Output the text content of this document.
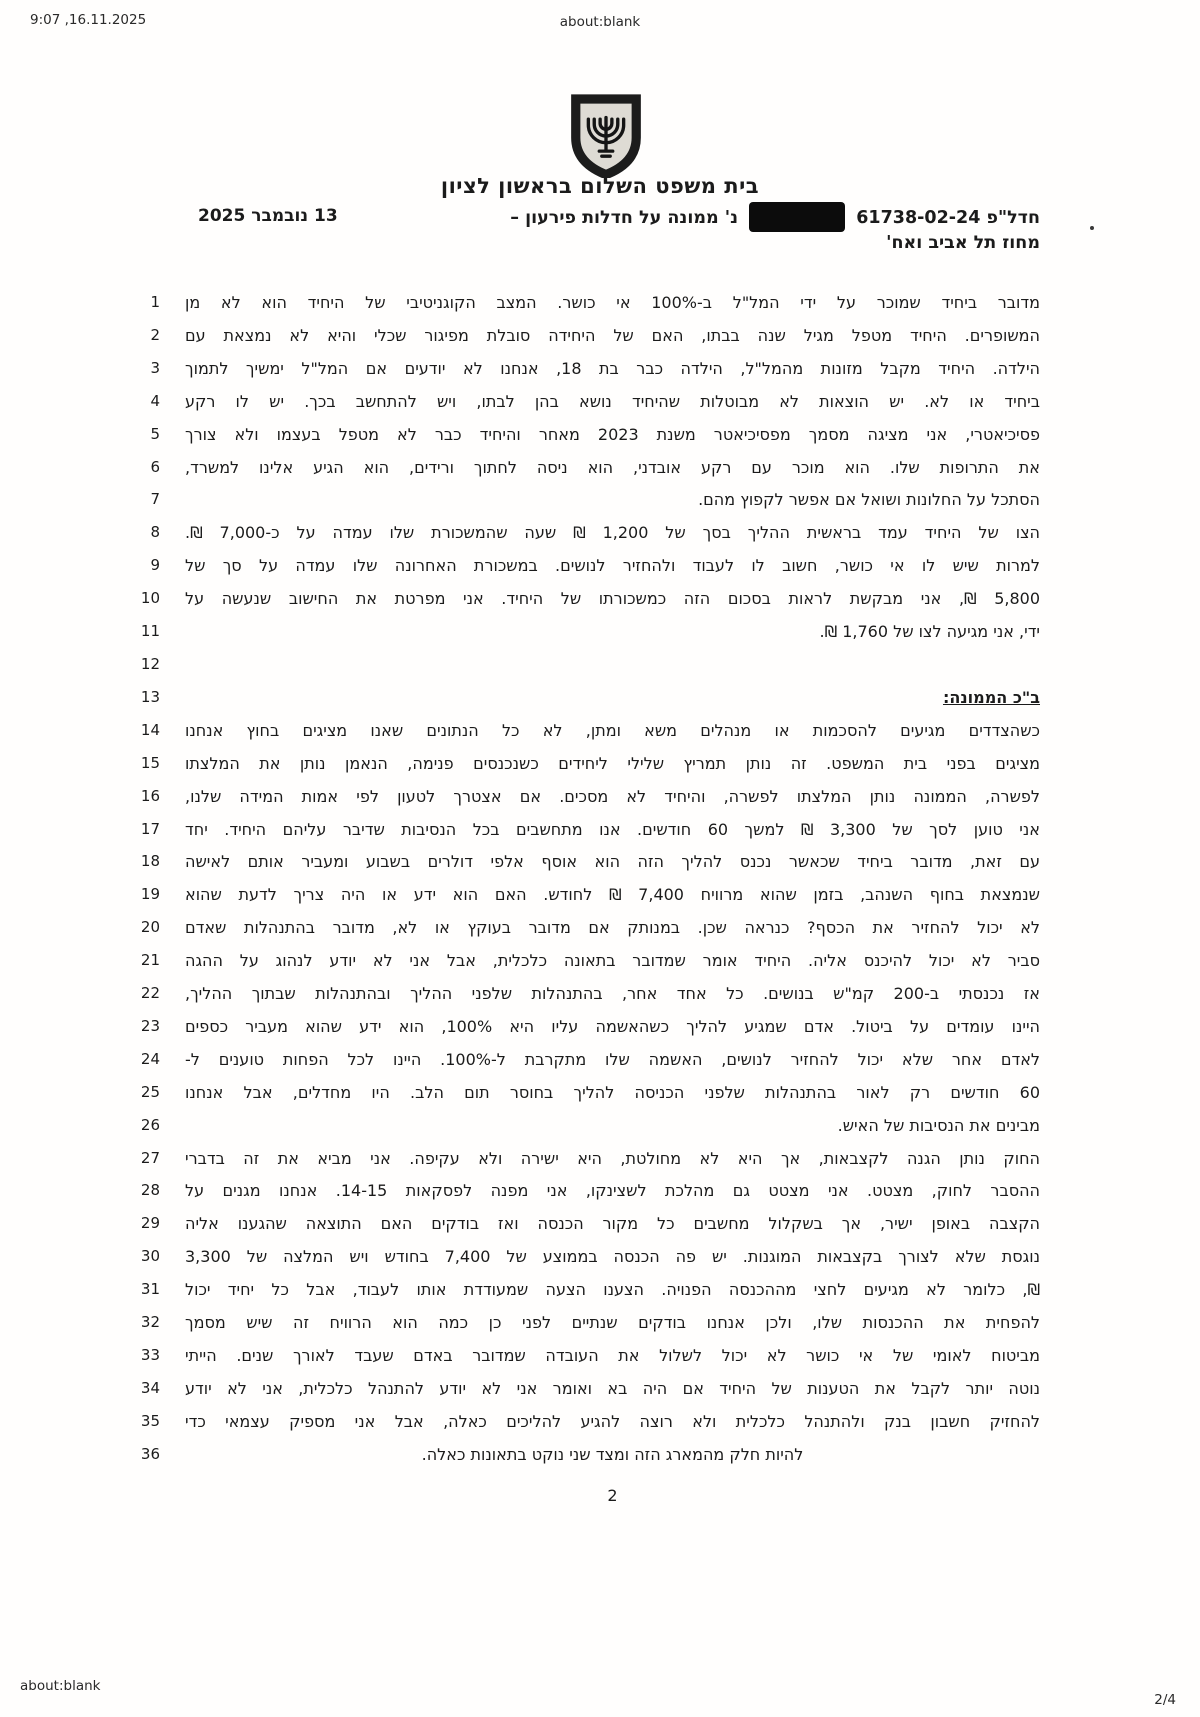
9:07 ,16.11.2025	about:blank
בית משפט השלום בראשון לציון
חדל"פ 61738-02-24  נ' ממונה על חדלות פירעון –
מחוז תל אביב ואח'
13 נובמבר 2025
1 מדובר ביחיד שמוכר על ידי המל"ל ב-100% אי כושר. המצב הקוגניטיבי של היחיד הוא לא מן
2 המשופרים. היחיד מטפל מגיל שנה בבתו, האם של היחידה סובלת מפיגור שכלי והיא לא נמצאת עם
3 הילדה. היחיד מקבל מזונות מהמל"ל, הילדה כבר בת 18, אנחנו לא יודעים אם המל"ל ימשיך לתמוך
4 ביחיד או לא. יש הוצאות לא מבוטלות שהיחיד נושא בהן לבתו, ויש להתחשב בכך. יש לו רקע
5 פסיכיאטרי, אני מציגה מסמך מפסיכיאטר משנת 2023 מאחר והיחיד כבר לא מטפל בעצמו ולא צורך
6 את התרופות שלו. הוא מוכר עם רקע אובדני, הוא ניסה לחתוך ורידים, הוא הגיע אלינו למשרד,
7	הסתכל על החלונות ושואל אם אפשר לקפוץ מהם.
8 הצו של היחיד עמד בראשית ההליך בסך של 1,200 ₪ שעה שהמשכורת שלו עמדה על כ-7,000 ₪.
9 למרות שיש לו אי כושר, חשוב לו לעבוד ולהחזיר לנושים. במשכורת האחרונה שלו עמדה על סך של
10 5,800 ₪, אני מבקשת לראות בסכום הזה כמשכורתו של היחיד. אני מפרטת את החישוב שנעשה על
11	ידי, אני מגיעה לצו של 1,760 ₪.
12
13	ב"כ הממונה:
14 כשהצדדים מגיעים להסכמות או מנהלים משא ומתן, לא כל הנתונים שאנו מציגים בחוץ אנחנו
15 מציגים בפני בית המשפט. זה נותן תמריץ שלילי ליחידים כשנכנסים פנימה, הנאמן נותן את המלצתו
16 לפשרה, הממונה נותן המלצתו לפשרה, והיחיד לא מסכים. אם אצטרך לטעון לפי אמות המידה שלנו,
17 אני טוען לסך של 3,300 ₪ למשך 60 חודשים. אנו מתחשבים בכל הנסיבות שדיבר עליהם היחיד. יחד
18 עם זאת, מדובר ביחיד שכאשר נכנס להליך הזה הוא אוסף אלפי דולרים בשבוע ומעביר אותם לאישה
19 שנמצאת בחוף השנהב, בזמן שהוא מרוויח 7,400 ₪ לחודש. האם הוא ידע או היה צריך לדעת שהוא
20 לא יכול להחזיר את הכסף? כנראה שכן. במנותק אם מדובר בעוקץ או לא, מדובר בהתנהלות שאדם
21 סביר לא יכול להיכנס אליה. היחיד אומר שמדובר בתאונה כלכלית, אבל אני לא יודע לנהוג על ההגה
22 אז נכנסתי ב-200 קמ"ש בנושים. כל אחד אחר, בהתנהלות שלפני ההליך ובהתנהלות שבתוך ההליך,
23 היינו עומדים על ביטול. אדם שמגיע להליך כשהאשמה עליו היא 100%, הוא ידע שהוא מעביר כספים
24 לאדם אחר שלא יכול להחזיר לנושים, האשמה שלו מתקרבת ל-100%. היינו לכל הפחות טוענים ל-
25 60 חודשים רק לאור בהתנהלות שלפני הכניסה להליך בחוסר תום הלב. היו מחדלים, אבל אנחנו
26	מבינים את הנסיבות של האיש.
27 החוק נותן הגנה לקצבאות, אך היא לא מחולטת, היא ישירה ולא עקיפה. אני מביא את זה בדברי
28 ההסבר לחוק, מצטט. אני מצטט גם מהלכת לשצינקו, אני מפנה לפסקאות 14-15. אנחנו מגנים על
29 הקצבה באופן ישיר, אך בשקלול מחשבים כל מקור הכנסה ואז בודקים האם התוצאה שהגענו אליה
30 נוגסת שלא לצורך בקצבאות המוגנות. יש פה הכנסה בממוצע של 7,400 בחודש ויש המלצה של 3,300
31 ₪, כלומר לא מגיעים לחצי מההכנסה הפנויה. הצענו הצעה שמעודדת אותו לעבוד, אבל כל יחיד יכול
32 להפחית את ההכנסות שלו, ולכן אנחנו בודקים שנתיים לפני כן כמה הוא הרוויח זה שיש מסמך
33 מביטוח לאומי של אי כושר לא יכול לשלול את העובדה שמדובר באדם שעבד לאורך שנים. הייתי
34 נוטה יותר לקבל את הטענות של היחיד אם היה בא ואומר אני לא יודע להתנהל כלכלית, אני לא יודע
35 להחזיק חשבון בנק ולהתנהל כלכלית ולא רוצה להגיע להליכים כאלה, אבל אני מספיק עצמאי כדי
36	להיות חלק מהמארג הזה ומצד שני נוקט בתאונות כאלה.
2
about:blank
2/4
